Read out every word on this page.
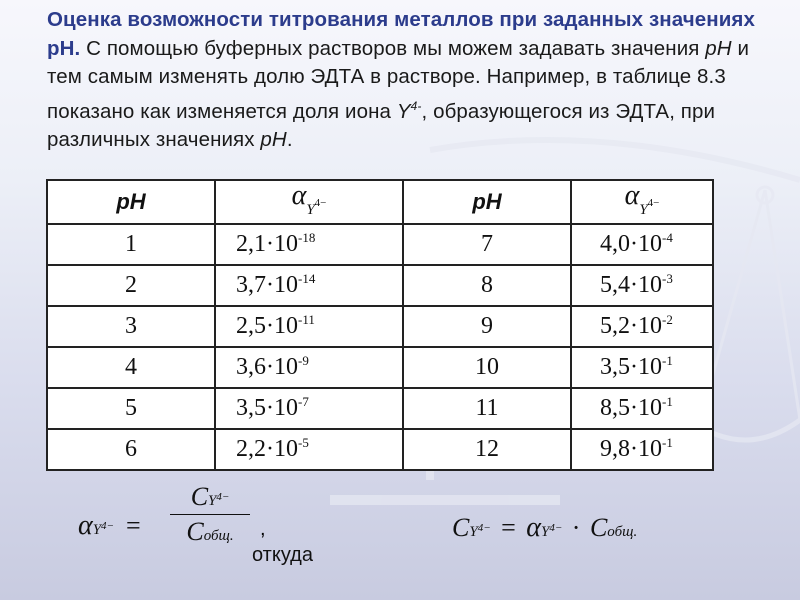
Оценка возможности титрования металлов при заданных значениях рН. С помощью буферных растворов мы можем задавать значения рН и тем самым изменять долю ЭДТА в растворе. Например, в таблице 8.3 показано как изменяется доля иона $Y^{4-}$, образующегося из ЭДТА, при различных значениях рН.
рН	αY4−	рН	αY4−
1	$2,1\cdot 10^{-18}$	7	$4,0\cdot 10^{-4}$
2	$3,7\cdot 10^{-14}$	8	$5,4\cdot 10^{-3}$
3	$2,5\cdot 10^{-11}$	9	$5,2\cdot 10^{-2}$
4	$3,6\cdot 10^{-9}$	10	$3,5\cdot 10^{-1}$
5	$3,5\cdot 10^{-7}$	11	$8,5\cdot 10^{-1}$
6	$2,2\cdot 10^{-5}$	12	$9,8\cdot 10^{-1}$
$\alpha Y^{4-}$ =
CY4−
Cобщ.	,
откуда
CY4− = αY4− · Cобщ.
